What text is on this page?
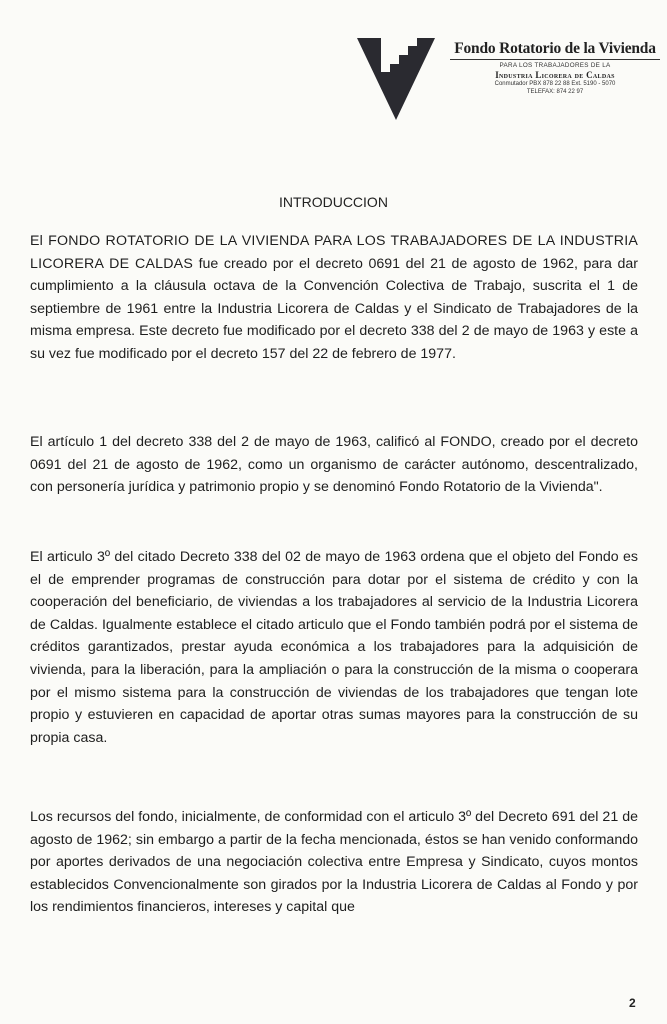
Fondo Rotatorio de la Vivienda
PARA LOS TRABAJADORES DE LA
Industria Licorera de Caldas
Conmutador PBX 878 22 88 Ext. 5190 - 5070
TELEFAX: 874 22 97
INTRODUCCION

El FONDO ROTATORIO DE LA VIVIENDA PARA LOS TRABAJADORES DE LA INDUSTRIA LICORERA DE CALDAS fue creado por el decreto 0691 del 21 de agosto de 1962, para dar cumplimiento a la cláusula octava de la Convención Colectiva de Trabajo, suscrita el 1 de septiembre de 1961 entre la Industria Licorera de Caldas y el Sindicato de Trabajadores de la misma empresa. Este decreto fue modificado por el decreto 338 del 2 de mayo de 1963 y este a su vez fue modificado por el decreto 157 del 22 de febrero de 1977.

El artículo 1 del decreto 338 del 2 de mayo de 1963, calificó al FONDO, creado por el decreto 0691 del 21 de agosto de 1962, como un organismo de carácter autónomo, descentralizado, con personería jurídica y patrimonio propio y se denominó Fondo Rotatorio de la Vivienda".

El articulo 3º del citado Decreto 338 del 02 de mayo de 1963 ordena que el objeto del Fondo es el de emprender programas de construcción para dotar por el sistema de crédito y con la cooperación del beneficiario, de viviendas a los trabajadores al servicio de la Industria Licorera de Caldas. Igualmente establece el citado articulo que el Fondo también podrá por el sistema de créditos garantizados, prestar ayuda económica a los trabajadores para la adquisición de vivienda, para la liberación, para la ampliación o para la construcción de la misma o cooperara por el mismo sistema para la construcción de viviendas de los trabajadores que tengan lote propio y estuvieren en capacidad de aportar otras sumas mayores para la construcción de su propia casa.

Los recursos del fondo, inicialmente, de conformidad con el articulo 3º del Decreto 691 del 21 de agosto de 1962; sin embargo a partir de la fecha mencionada, éstos se han venido conformando por aportes derivados de una negociación colectiva entre Empresa y Sindicato, cuyos montos establecidos Convencionalmente son girados por la Industria Licorera de Caldas al Fondo y por los rendimientos financieros, intereses y capital que

2
